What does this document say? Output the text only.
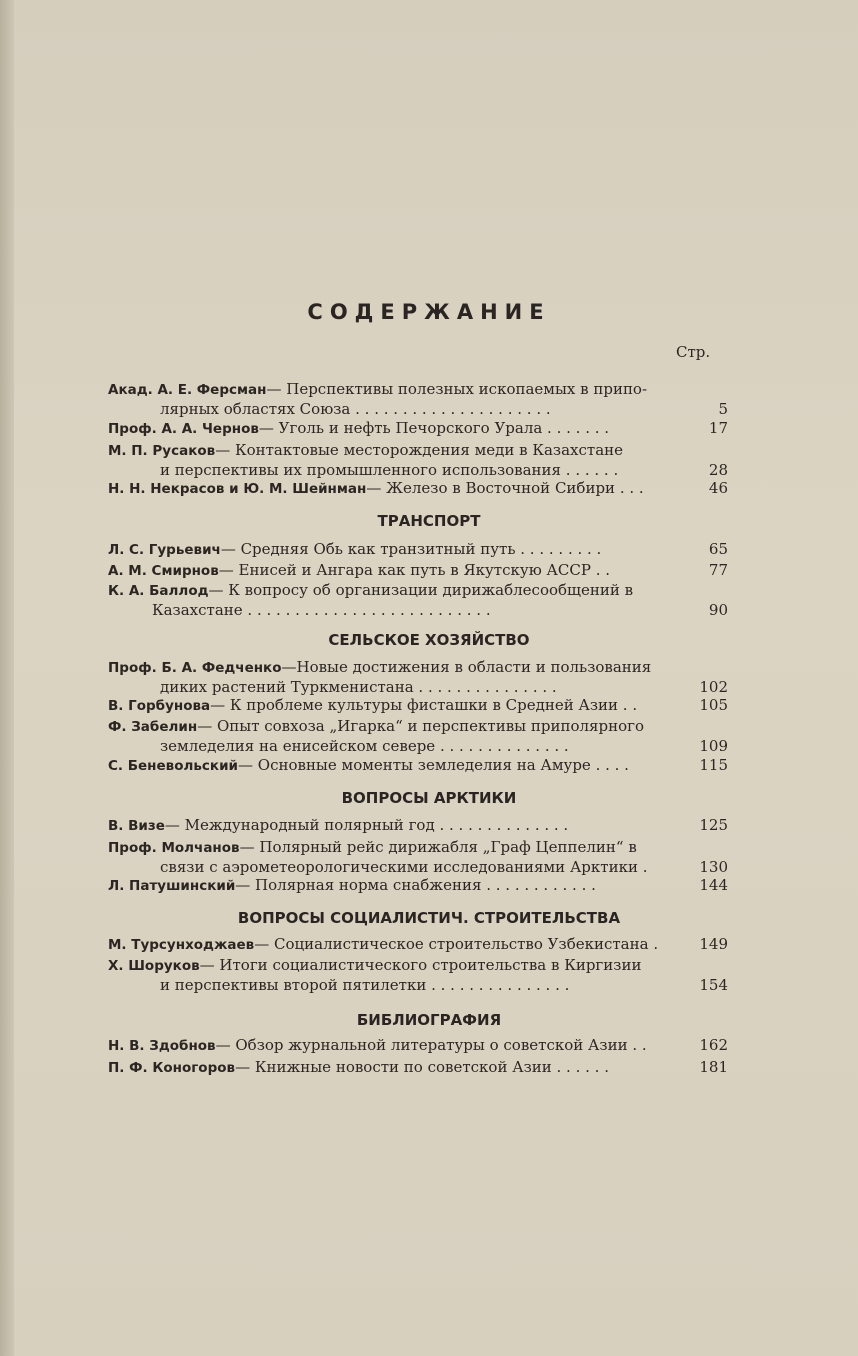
СОДЕРЖАНИЕ
Стр.
Акад. А. Е. Ферсман— Перспективы полезных ископаемых в припо-
лярных областях Союза . . . . . . . . . . . . . . . . . . . . .	5
Проф. А. А. Чернов— Уголь и нефть Печорского Урала . . . . . . .	17
М. П. Русаков— Контактовые месторождения меди в Казахстане
и перспективы их промышленного использования . . . . . .	28
Н. Н. Некрасов и Ю. М. Шейнман— Железо в Восточной Сибири . . .	46
ТРАНСПОРТ
Л. С. Гурьевич— Средняя Обь как транзитный путь . . . . . . . . .	65
А. М. Смирнов— Енисей и Ангара как путь в Якутскую АССР . .	77
К. А. Баллод— К вопросу об организации дирижаблесообщений в
Казахстане . . . . . . . . . . . . . . . . . . . . . . . . . .	90
СЕЛЬСКОЕ ХОЗЯЙСТВО
Проф. Б. А. Федченко—Новые достижения в области и пользования
диких растений Туркменистана . . . . . . . . . . . . . . .	102
В. Горбунова— К проблеме культуры фисташки в Средней Азии . .	105
Ф. Забелин— Опыт совхоза „Игарка“ и перспективы приполярного
земледелия на енисейском севере . . . . . . . . . . . . . .	109
С. Беневольский— Основные моменты земледелия на Амуре . . . .	115
ВОПРОСЫ АРКТИКИ
В. Визе— Международный полярный год . . . . . . . . . . . . . .	125
Проф. Молчанов— Полярный рейс дирижабля „Граф Цеппелин“ в
связи с аэрометеорологическими исследованиями Арктики .	130
Л. Патушинский— Полярная норма снабжения . . . . . . . . . . . .	144
ВОПРОСЫ СОЦИАЛИСТИЧ. СТРОИТЕЛЬСТВА
М. Турсунходжаев— Социалистическое строительство Узбекистана .	149
Х. Шоруков— Итоги социалистического строительства в Киргизии
и перспективы второй пятилетки . . . . . . . . . . . . . . .	154
БИБЛИОГРАФИЯ
Н. В. Здобнов— Обзор журнальной литературы о советской Азии . .	162
П. Ф. Коногоров— Книжные новости по советской Азии . . . . . .	181
